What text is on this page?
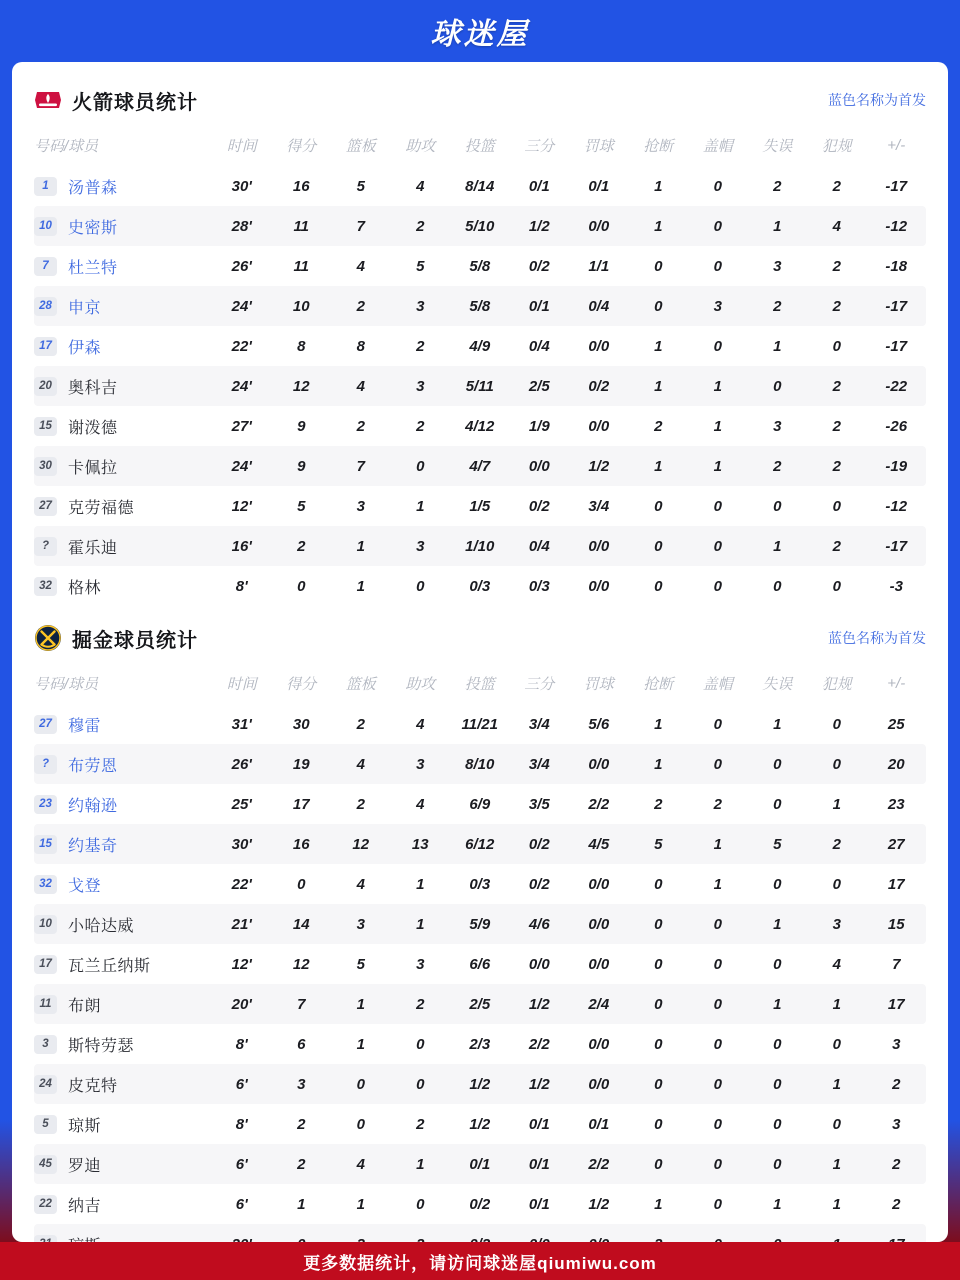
球迷屋
火箭球员统计	蓝色名称为首发
号码/球员	时间	得分	篮板	助攻	投篮	三分	罚球	抢断	盖帽	失误	犯规	+/-
1	汤普森	30'	16	5	4	8/14	0/1	0/1	1	0	2	2	-17
10	史密斯	28'	11	7	2	5/10	1/2	0/0	1	0	1	4	-12
7	杜兰特	26'	11	4	5	5/8	0/2	1/1	0	0	3	2	-18
28	申京	24'	10	2	3	5/8	0/1	0/4	0	3	2	2	-17
17	伊森	22'	8	8	2	4/9	0/4	0/0	1	0	1	0	-17
20	奥科吉	24'	12	4	3	5/11	2/5	0/2	1	1	0	2	-22
15	谢泼德	27'	9	2	2	4/12	1/9	0/0	2	1	3	2	-26
30	卡佩拉	24'	9	7	0	4/7	0/0	1/2	1	1	2	2	-19
27	克劳福德	12'	5	3	1	1/5	0/2	3/4	0	0	0	0	-12
?	霍乐迪	16'	2	1	3	1/10	0/4	0/0	0	0	1	2	-17
32	格林	8'	0	1	0	0/3	0/3	0/0	0	0	0	0	-3
掘金球员统计	蓝色名称为首发
号码/球员	时间	得分	篮板	助攻	投篮	三分	罚球	抢断	盖帽	失误	犯规	+/-
27	穆雷	31'	30	2	4	11/21	3/4	5/6	1	0	1	0	25
?	布劳恩	26'	19	4	3	8/10	3/4	0/0	1	0	0	0	20
23	约翰逊	25'	17	2	4	6/9	3/5	2/2	2	2	0	1	23
15	约基奇	30'	16	12	13	6/12	0/2	4/5	5	1	5	2	27
32	戈登	22'	0	4	1	0/3	0/2	0/0	0	1	0	0	17
10	小哈达威	21'	14	3	1	5/9	4/6	0/0	0	0	1	3	15
17	瓦兰丘纳斯	12'	12	5	3	6/6	0/0	0/0	0	0	0	4	7
11	布朗	20'	7	1	2	2/5	1/2	2/4	0	0	1	1	17
3	斯特劳瑟	8'	6	1	0	2/3	2/2	0/0	0	0	0	0	3
24	皮克特	6'	3	0	0	1/2	1/2	0/0	0	0	0	1	2
5	琼斯	8'	2	0	2	1/2	0/1	0/1	0	0	0	0	3
45	罗迪	6'	2	4	1	0/1	0/1	2/2	0	0	0	1	2
22	纳吉	6'	1	1	0	0/2	0/1	1/2	1	0	1	1	2
更多数据统计，请访问球迷屋qiumiwu.com
